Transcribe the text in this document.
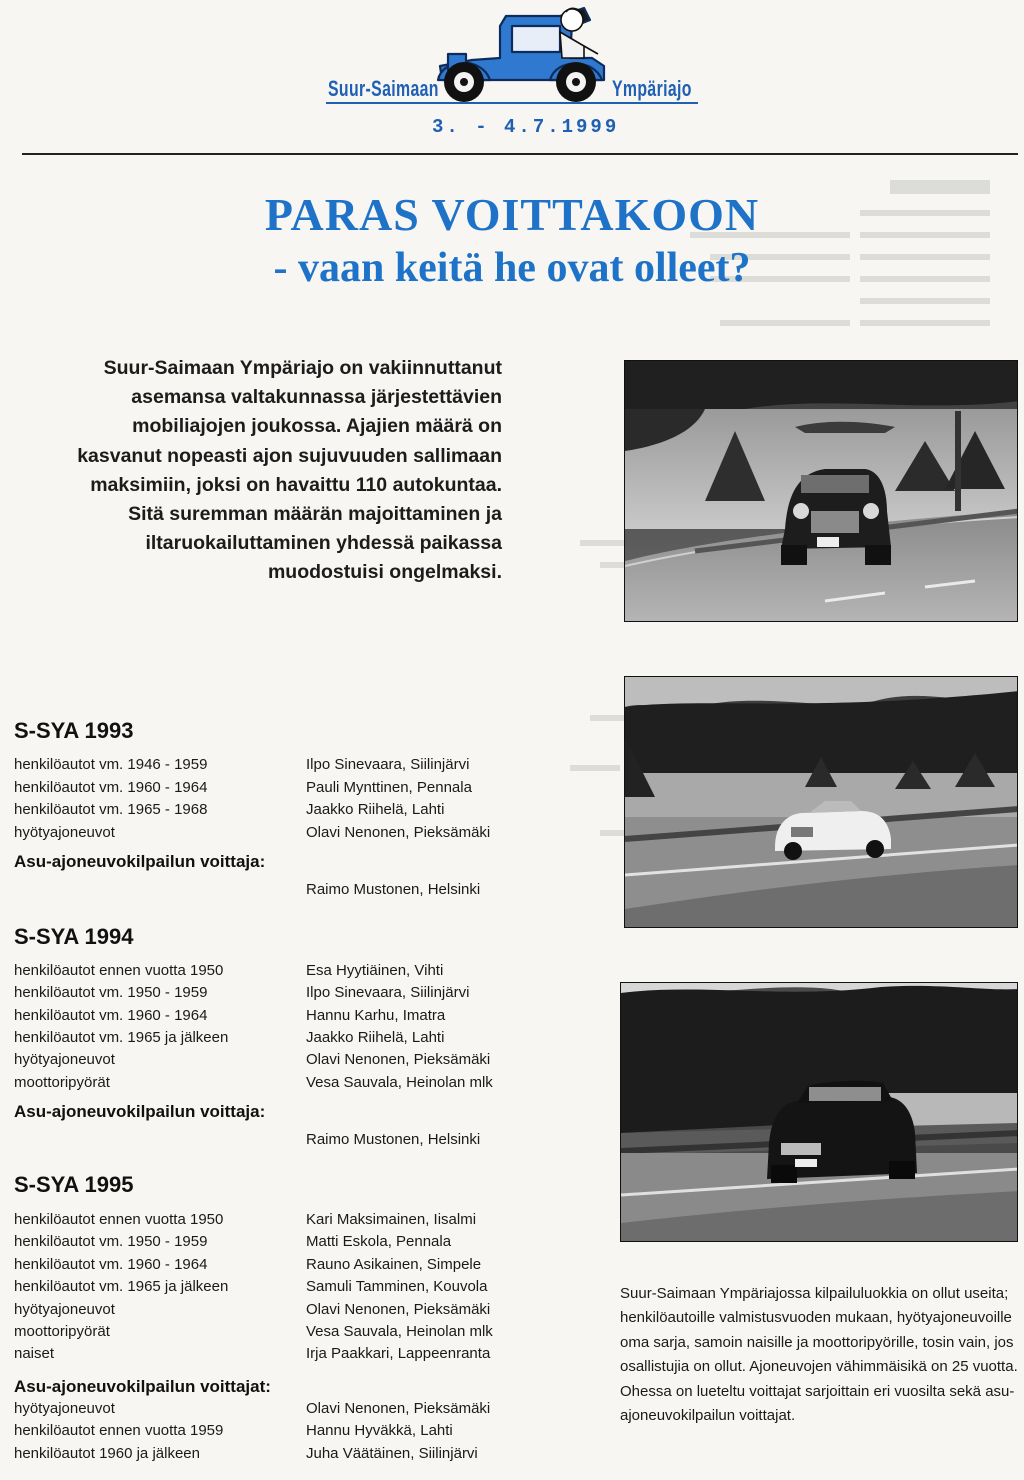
Suur-Saimaan	Ympäriajo
3. - 4.7.1999
PARAS VOITTAKOON
- vaan keitä he ovat olleet?
Suur-Saimaan Ympäriajo on vakiinnuttanut asemansa valtakunnassa järjestettävien mobiliajojen joukossa. Ajajien määrä on kasvanut nopeasti ajon sujuvuuden sallimaan maksimiin, joksi on havaittu 110 autokuntaa. Sitä suremman määrän majoittaminen ja iltaruokailuttaminen yhdessä paikassa muodostuisi ongelmaksi.
S-SYA 1993
henkilöautot vm. 1946 - 1959	Ilpo Sinevaara, Siilinjärvi
henkilöautot vm. 1960 - 1964	Pauli Mynttinen, Pennala
henkilöautot vm. 1965 - 1968	Jaakko Riihelä, Lahti
hyötyajoneuvot	Olavi Nenonen, Pieksämäki
Asu-ajoneuvokilpailun voittaja:
Raimo Mustonen, Helsinki
S-SYA 1994
henkilöautot ennen vuotta 1950	Esa Hyytiäinen, Vihti
henkilöautot vm. 1950 - 1959	Ilpo Sinevaara, Siilinjärvi
henkilöautot vm. 1960 - 1964	Hannu Karhu, Imatra
henkilöautot vm. 1965 ja jälkeen	Jaakko Riihelä, Lahti
hyötyajoneuvot	Olavi Nenonen, Pieksämäki
moottoripyörät	Vesa Sauvala, Heinolan mlk
Asu-ajoneuvokilpailun voittaja:
Raimo Mustonen, Helsinki
S-SYA 1995
henkilöautot ennen vuotta 1950	Kari Maksimainen, Iisalmi
henkilöautot vm. 1950 - 1959	Matti Eskola, Pennala
henkilöautot vm. 1960 - 1964	Rauno Asikainen, Simpele
henkilöautot vm. 1965 ja jälkeen	Samuli Tamminen, Kouvola
hyötyajoneuvot	Olavi Nenonen, Pieksämäki
moottoripyörät	Vesa Sauvala, Heinolan mlk
naiset	Irja Paakkari, Lappeenranta
Asu-ajoneuvokilpailun voittajat:
hyötyajoneuvot	Olavi Nenonen, Pieksämäki
henkilöautot ennen vuotta 1959	Hannu Hyväkkä, Lahti
henkilöautot 1960 ja jälkeen	Juha Väätäinen, Siilinjärvi
Suur-Saimaan Ympäriajossa kilpailuluokkia on ollut useita; henkilöautoille valmistusvuoden mukaan, hyötyajoneuvoille oma sarja, samoin naisille ja moottoripyörille, tosin vain, jos osallistujia on ollut. Ajoneuvojen vähimmäisikä on 25 vuotta. Ohessa on lueteltu voittajat sarjoittain eri vuosilta sekä asu-ajoneuvokilpailun voittajat.
